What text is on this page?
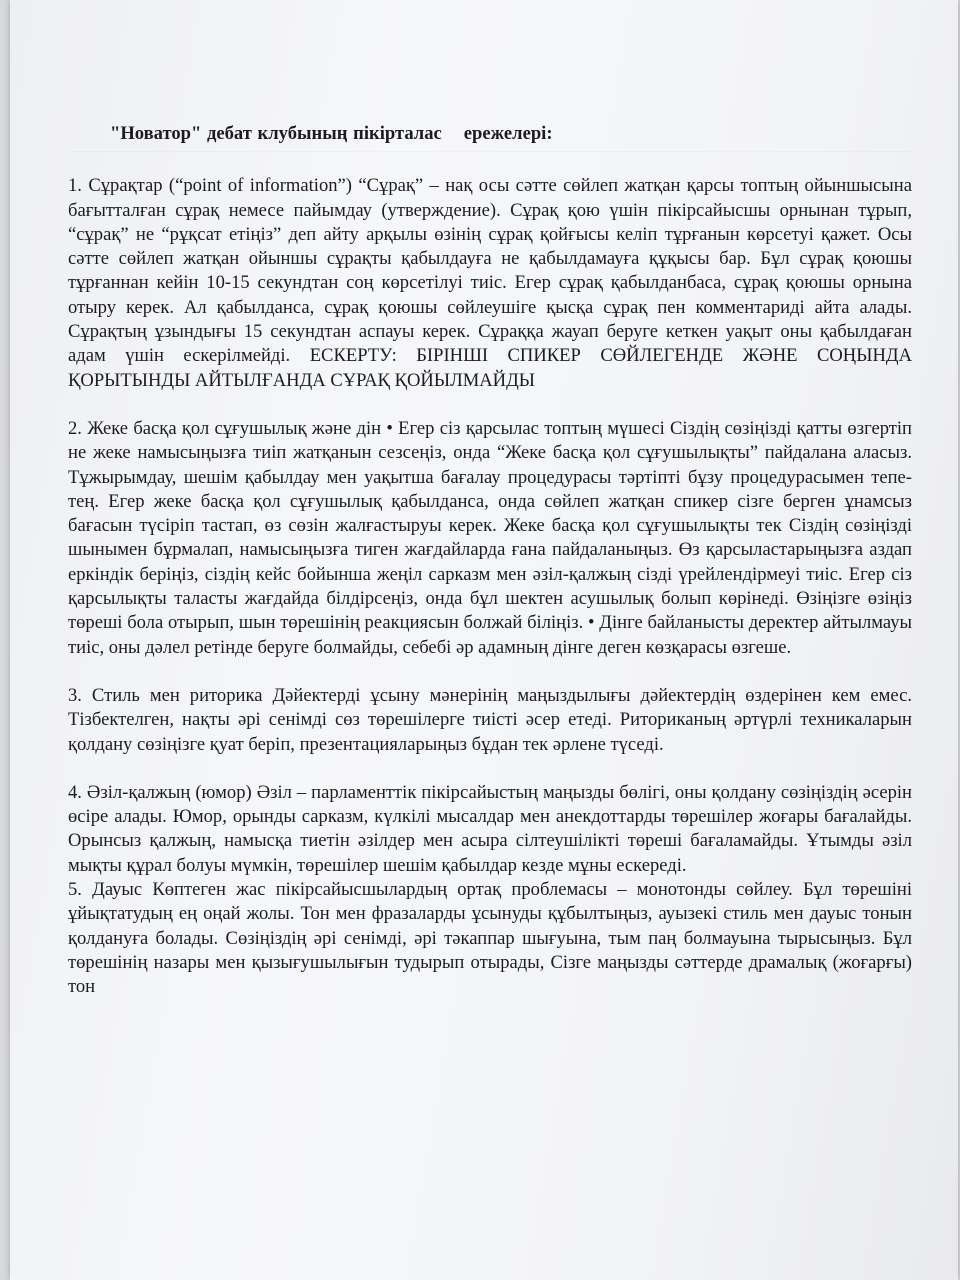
"Новатор" дебат клубының пікірталас ережелері:

1. Сұрақтар (“point of information”) “Сұрақ” – нақ осы сәтте сөйлеп жатқан қарсы топтың ойыншысына бағытталған сұрақ немесе пайымдау (утверждение). Сұрақ қою үшін пікірсайысшы орнынан тұрып, “сұрақ” не “рұқсат етіңіз” деп айту арқылы өзінің сұрақ қойғысы келіп тұрғанын көрсетуі қажет. Осы сәтте сөйлеп жатқан ойыншы сұрақты қабылдауға не қабылдамауға құқысы бар. Бұл сұрақ қоюшы тұрғаннан кейін 10-15 секундтан соң көрсетілуі тиіс. Егер сұрақ қабылданбаса, сұрақ қоюшы орнына отыру керек. Ал қабылданса, сұрақ қоюшы сөйлеушіге қысқа сұрақ пен комментариді айта алады. Сұрақтың ұзындығы 15 секундтан аспауы керек. Сұраққа жауап беруге кеткен уақыт оны қабылдаған адам үшін ескерілмейді. ЕСКЕРТУ: БІРІНШІ СПИКЕР СӨЙЛЕГЕНДЕ ЖӘНЕ СОҢЫНДА ҚОРЫТЫНДЫ АЙТЫЛҒАНДА СҰРАҚ ҚОЙЫЛМАЙДЫ

2. Жеке басқа қол сұғушылық және дін • Егер сіз қарсылас топтың мүшесі Сіздің сөзіңізді қатты өзгертіп не жеке намысыңызға тиіп жатқанын сезсеңіз, онда “Жеке басқа қол сұғушылықты” пайдалана аласыз. Тұжырымдау, шешім қабылдау мен уақытша бағалау процедурасы тәртіпті бұзу процедурасымен тепе-тең. Егер жеке басқа қол сұғушылық қабылданса, онда сөйлеп жатқан спикер сізге берген ұнамсыз бағасын түсіріп тастап, өз сөзін жалғастыруы керек. Жеке басқа қол сұғушылықты тек Сіздің сөзіңізді шынымен бұрмалап, намысыңызға тиген жағдайларда ғана пайдаланыңыз. Өз қарсыластарыңызға аздап еркіндік беріңіз, сіздің кейс бойынша жеңіл сарказм мен әзіл-қалжың сізді үрейлендірмеуі тиіс. Егер сіз қарсылықты таласты жағдайда білдірсеңіз, онда бұл шектен асушылық болып көрінеді. Өзіңізге өзіңіз төреші бола отырып, шын төрешінің реакциясын болжай біліңіз. • Дінге байланысты деректер айтылмауы тиіс, оны дәлел ретінде беруге болмайды, себебі әр адамның дінге деген көзқарасы өзгеше.

3. Стиль мен риторика Дәйектерді ұсыну мәнерінің маңыздылығы дәйектердің өздерінен кем емес. Тізбектелген, нақты әрі сенімді сөз төрешілерге тиісті әсер етеді. Риториканың әртүрлі техникаларын қолдану сөзіңізге қуат беріп, презентацияларыңыз бұдан тек әрлене түседі.

4. Әзіл-қалжың (юмор) Әзіл – парламенттік пікірсайыстың маңызды бөлігі, оны қолдану сөзіңіздің әсерін өсіре алады. Юмор, орынды сарказм, күлкілі мысалдар мен анекдоттарды төрешілер жоғары бағалайды. Орынсыз қалжың, намысқа тиетін әзілдер мен асыра сілтеушілікті төреші бағаламайды. Ұтымды әзіл мықты құрал болуы мүмкін, төрешілер шешім қабылдар кезде мұны ескереді.

5. Дауыс Көптеген жас пікірсайысшылардың ортақ проблемасы – монотонды сөйлеу. Бұл төрешіні ұйықтатудың ең оңай жолы. Тон мен фразаларды ұсынуды құбылтыңыз, ауызекі стиль мен дауыс тонын қолдануға болады. Сөзіңіздің әрі сенімді, әрі тәкаппар шығуына, тым паң болмауына тырысыңыз. Бұл төрешінің назары мен қызығушылығын тудырып отырады, Сізге маңызды сәттерде драмалық (жоғарғы) тон
